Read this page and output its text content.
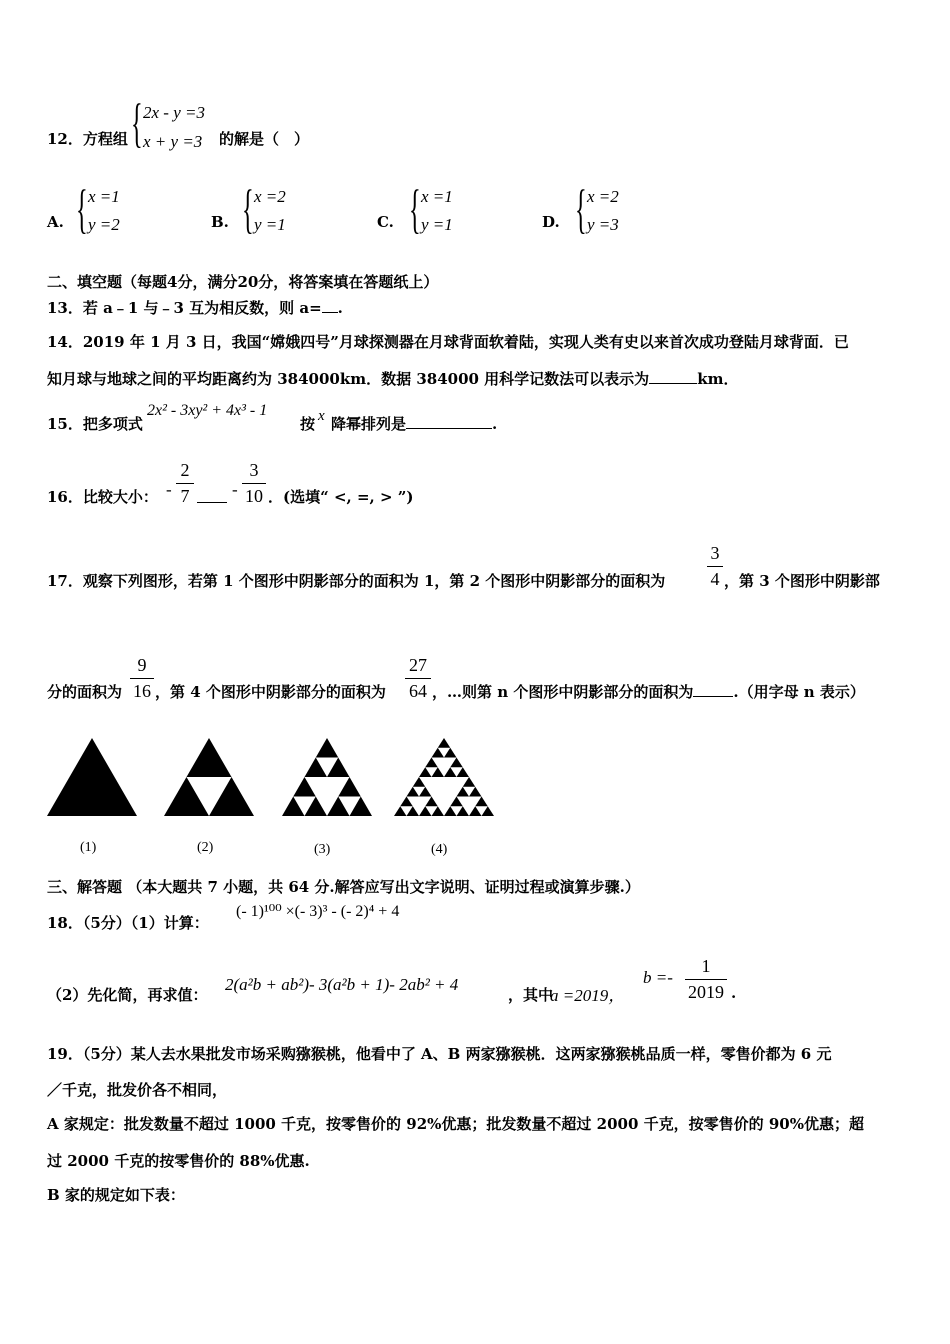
12．方程组 { 2x - y =3
x + y =3 的解是（　）
A. { x =1
y =2	B. { x =2
y =1	C. { x =1
y =1	D. { x =2
y =3
二、填空题（每题4分，满分20分，将答案填在答题纸上）
13．若 a﹣1 与﹣3 互为相反数，则 a= .
14．2019 年 1 月 3 日，我国“嫦娥四号”月球探测器在月球背面软着陆，实现人类有史以来首次成功登陆月球背面．已
知月球与地球之间的平均距离约为 384000km．数据 384000 用科学记数法可以表示为	km．
15．把多项式
2x² - 3xy² + 4x³ - 1
按 x 降幂排列是	.
16．比较大小： -
2
7	-
3
10 ．(选填“ <, =, > ”)
17．观察下列图形，若第 1 个图形中阴影部分的面积为 1，第 2 个图形中阴影部分的面积为
3
4 ，第 3 个图形中阴影部
分的面积为
9
16 ，第 4 个图形中阴影部分的面积为
27
64 ，…则第 n 个图形中阴影部分的面积为	.（用字母 n 表示）
(1)	(2)	(3)	(4)
三、解答题 （本大题共 7 小题，共 64 分.解答应写出文字说明、证明过程或演算步骤.）
18．（5分）（1）计算：
(- 1)¹⁰⁰ ×(- 3)³ - (- 2)⁴ + 4
（2）先化简，再求值：
2(a²b + ab²)- 3(a²b + 1)- 2ab² + 4
，其中
a =2019，
b =-
1
2019 .
19．（5分）某人去水果批发市场采购猕猴桃，他看中了 A、B 两家猕猴桃．这两家猕猴桃品质一样，零售价都为 6 元
／千克，批发价各不相同，
A 家规定：批发数量不超过 1000 千克，按零售价的 92%优惠；批发数量不超过 2000 千克，按零售价的 90%优惠；超
过 2000 千克的按零售价的 88%优惠.
B 家的规定如下表：
